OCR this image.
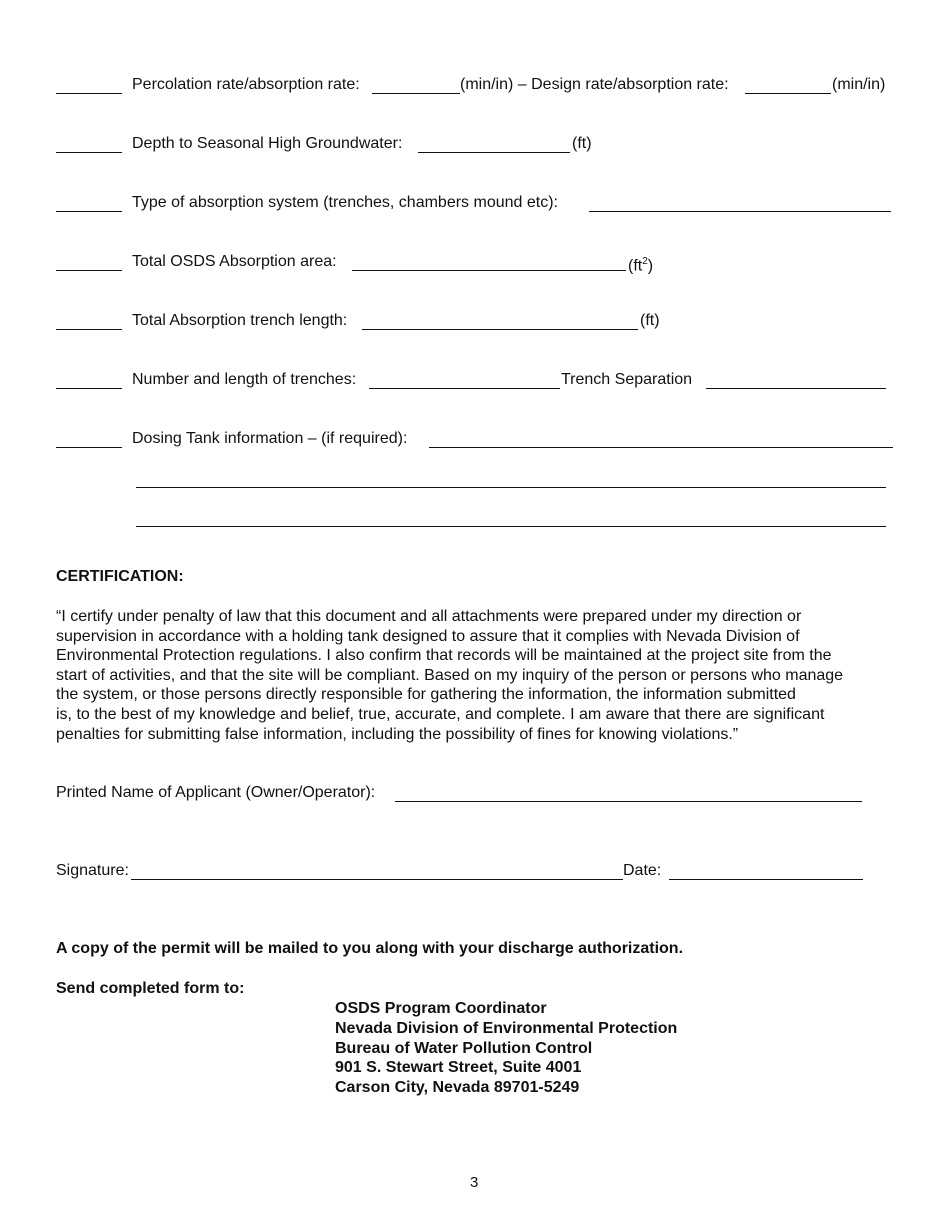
Percolation rate/absorption rate:	(min/in) – Design rate/absorption rate:	(min/in)
Depth to Seasonal High Groundwater:	(ft)
Type of absorption system (trenches, chambers mound etc):
Total OSDS Absorption area:	$(ft^2)$
Total Absorption trench length:	(ft)
Number and length of trenches:	Trench Separation
Dosing Tank information – (if required):
CERTIFICATION:

“I certify under penalty of law that this document and all attachments were prepared under my direction or

supervision in accordance with a holding tank designed to assure that it complies with Nevada Division of

Environmental Protection regulations. I also confirm that records will be maintained at the project site from the

start of activities, and that the site will be compliant. Based on my inquiry of the person or persons who manage

the system, or those persons directly responsible for gathering the information, the information submitted

is, to the best of my knowledge and belief, true, accurate, and complete. I am aware that there are significant

penalties for submitting false information, including the possibility of fines for knowing violations.”

Printed Name of Applicant (Owner/Operator):
Signature:	Date:
A copy of the permit will be mailed to you along with your discharge authorization.
Send completed form to:
OSDS Program Coordinator
Nevada Division of Environmental Protection
Bureau of Water Pollution Control
901 S. Stewart Street, Suite 4001
Carson City, Nevada 89701-5249
3
